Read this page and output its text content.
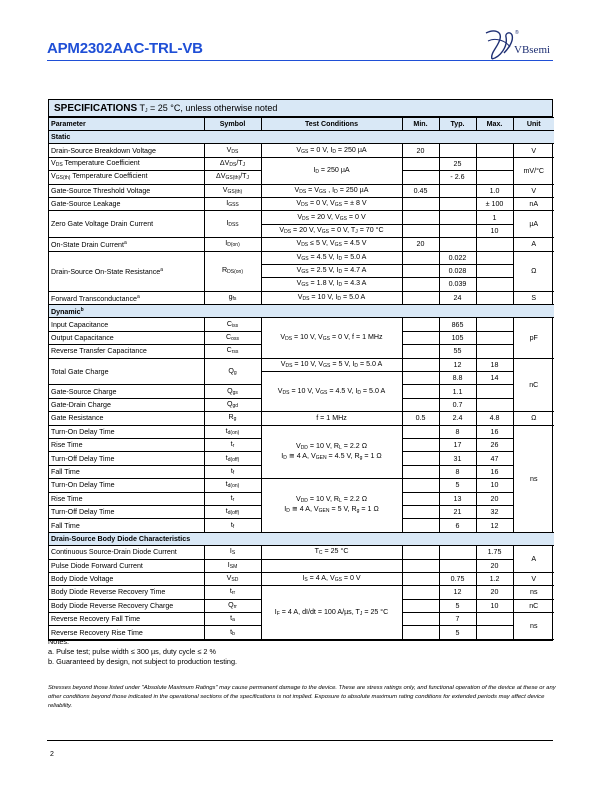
APM2302AAC-TRL-VB
®
VBsemi
SPECIFICATIONS $T_J = 25$ °C, unless otherwise noted
Parameter	Symbol	Test Conditions	Min.	Typ.	Max.	Unit
Static						
Drain-Source Breakdown Voltage	$V_{DS}$	$V_{GS} = 0$ V, $I_D = 250$ µA	20			V
$V_{DS}$ Temperature Coefficient	$\Delta V_{DS}/T_J$	$I_D = 250$ µA		25		mV/°C
$V_{GS(th)}$ Temperature Coefficient	$\Delta V_{GS(th)}/T_J$			- 2.6		
Gate-Source Threshold Voltage	$V_{GS(th)}$	$V_{DS} = V_{GS}$ , $I_D = 250$ µA	0.45		1.0	V
Gate-Source Leakage	$I_{GSS}$	$V_{DS} = 0$ V, $V_{GS}$ = ± 8 V			± 100	nA
Zero Gate Voltage Drain Current	$I_{DSS}$	$V_{DS} = 20$ V, $V_{GS} = 0$ V			1	µA
		$V_{DS} = 20$ V, $V_{GS} = 0$ V, $T_J = 70$ °C			10	
On-State Drain Current$^a$	$I_{D(on)}$	$V_{DS} \le 5$ V, $V_{GS} = 4.5$ V	20			A
Drain-Source On-State Resistance$^a$	$R_{DS(on)}$	$V_{GS} = 4.5$ V, $I_D = 5.0$ A		0.022		Ω
		$V_{GS} = 2.5$ V, $I_D = 4.7$ A		0.028		
		$V_{GS} = 1.8$ V, $I_D = 4.3$ A		0.039		
Forward Transconductance$^a$	$g_{fs}$	$V_{DS} = 10$ V, $I_D = 5.0$ A		24		S
Dynamic$^b$
Input Capacitance	$C_{iss}$	$V_{DS} = 10$ V, $V_{GS} = 0$ V, f = 1 MHz		865		pF
Output Capacitance	$C_{oss}$			105		
Reverse Transfer Capacitance	$C_{rss}$			55		
Total Gate Charge	$Q_g$	$V_{DS} = 10$ V, $V_{GS} = 5$ V, $I_D = 5.0$ A		12	18	nC
		$V_{DS} = 10$ V, $V_{GS} = 4.5$ V, $I_D = 5.0$ A		8.8	14	
Gate-Source Charge	$Q_{gs}$			1.1		
Gate-Drain Charge	$Q_{gd}$			0.7		
Gate Resistance	$R_g$	f = 1 MHz	0.5	2.4	4.8	Ω
Turn-On Delay Time	$t_{d(on)}$	$V_{DD} = 10$ V, $R_L = 2.2$ Ω
$I_D$ ≅ 4 A, $V_{GEN} = 4.5$ V, $R_g = 1$ Ω		8	16	ns
Rise Time	$t_r$			17	26	
Turn-Off Delay Time	$t_{d(off)}$			31	47	
Fall Time	$t_f$			8	16	
Turn-On Delay Time	$t_{d(on)}$	$V_{DD} = 10$ V, $R_L = 2.2$ Ω
$I_D$ ≅ 4 A, $V_{GEN} = 5$ V, $R_g = 1$ Ω		5	10	
Rise Time	$t_r$			13	20	
Turn-Off Delay Time	$t_{d(off)}$			21	32	
Fall Time	$t_f$			6	12	
Drain-Source Body Diode Characteristics						
Continuous Source-Drain Diode Current	$I_S$	$T_C = 25$ °C			1.75	A
Pulse Diode Forward Current	$I_{SM}$				20	
Body Diode Voltage	$V_{SD}$	$I_S = 4$ A, $V_{GS} = 0$ V		0.75	1.2	V
Body Diode Reverse Recovery Time	$t_{rr}$	$I_F = 4$ A, dI/dt = 100 A/µs, $T_J = 25$ °C		12	20	ns
Body Diode Reverse Recovery Charge	$Q_{rr}$			5	10	nC
Reverse Recovery Fall Time	$t_a$			7		ns
Reverse Recovery Rise Time	$t_b$			5		
Notes:
a. Pulse test; pulse width ≤ 300 µs, duty cycle ≤ 2 %
b. Guaranteed by design, not subject to production testing.
Stresses beyond those listed under "Absolute Maximum Ratings" may cause permanent damage to the device. These are stress ratings only, and functional operation of the device at these or any other conditions beyond those indicated in the operational sections of the specifications is not implied. Exposure to absolute maximum rating conditions for extended periods may affect device reliability.
2
